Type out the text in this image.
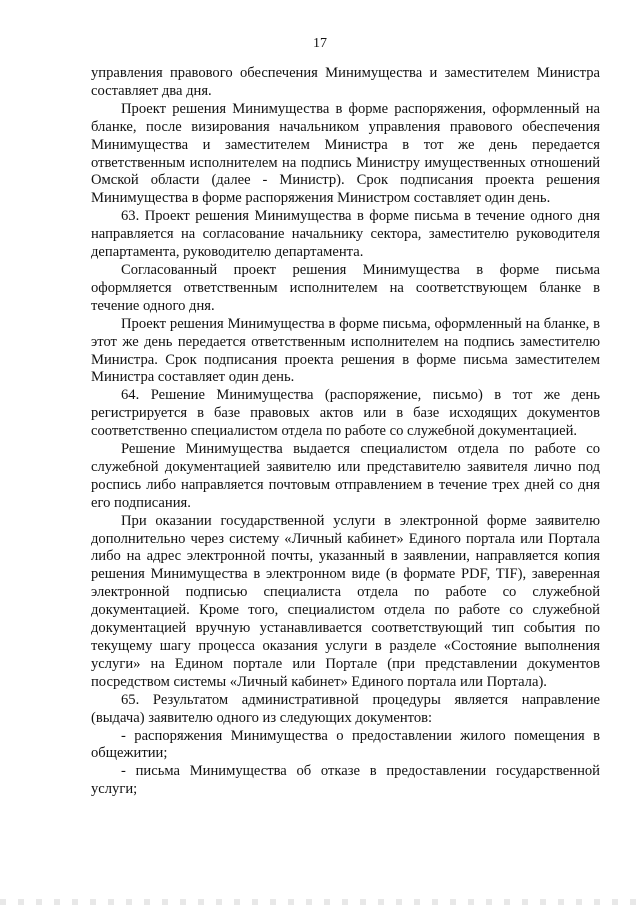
17

управления правового обеспечения Минимущества и заместителем Министра составляет два дня.

Проект решения Минимущества в форме распоряжения, оформленный на бланке, после визирования начальником управления правового обеспечения Минимущества и заместителем Министра в тот же день передается ответственным исполнителем на подпись Министру имущественных отношений Омской области (далее - Министр). Срок подписания проекта решения Минимущества в форме распоряжения Министром составляет один день.

63. Проект решения Минимущества в форме письма в течение одного дня направляется на согласование начальнику сектора, заместителю руководителя департамента, руководителю департамента.

Согласованный проект решения Минимущества в форме письма оформляется ответственным исполнителем на соответствующем бланке в течение одного дня.

Проект решения Минимущества в форме письма, оформленный на бланке, в этот же день передается ответственным исполнителем на подпись заместителю Министра. Срок подписания проекта решения в форме письма заместителем Министра составляет один день.

64. Решение Минимущества (распоряжение, письмо) в тот же день регистрируется в базе правовых актов или в базе исходящих документов соответственно специалистом отдела по работе со служебной документацией.

Решение Минимущества выдается специалистом отдела по работе со служебной документацией заявителю или представителю заявителя лично под роспись либо направляется почтовым отправлением в течение трех дней со дня его подписания.

При оказании государственной услуги в электронной форме заявителю дополнительно через систему «Личный кабинет» Единого портала или Портала либо на адрес электронной почты, указанный в заявлении, направляется копия решения Минимущества в электронном виде (в формате PDF, TIF), заверенная электронной подписью специалиста отдела по работе со служебной документацией. Кроме того, специалистом отдела по работе со служебной документацией вручную устанавливается соответствующий тип события по текущему шагу процесса оказания услуги в разделе «Состояние выполнения услуги» на Едином портале или Портале (при представлении документов посредством системы «Личный кабинет» Единого портала или Портала).

65. Результатом административной процедуры является направление (выдача) заявителю одного из следующих документов:

- распоряжения Минимущества о предоставлении жилого помещения в общежитии;

- письма Минимущества об отказе в предоставлении государственной услуги;
